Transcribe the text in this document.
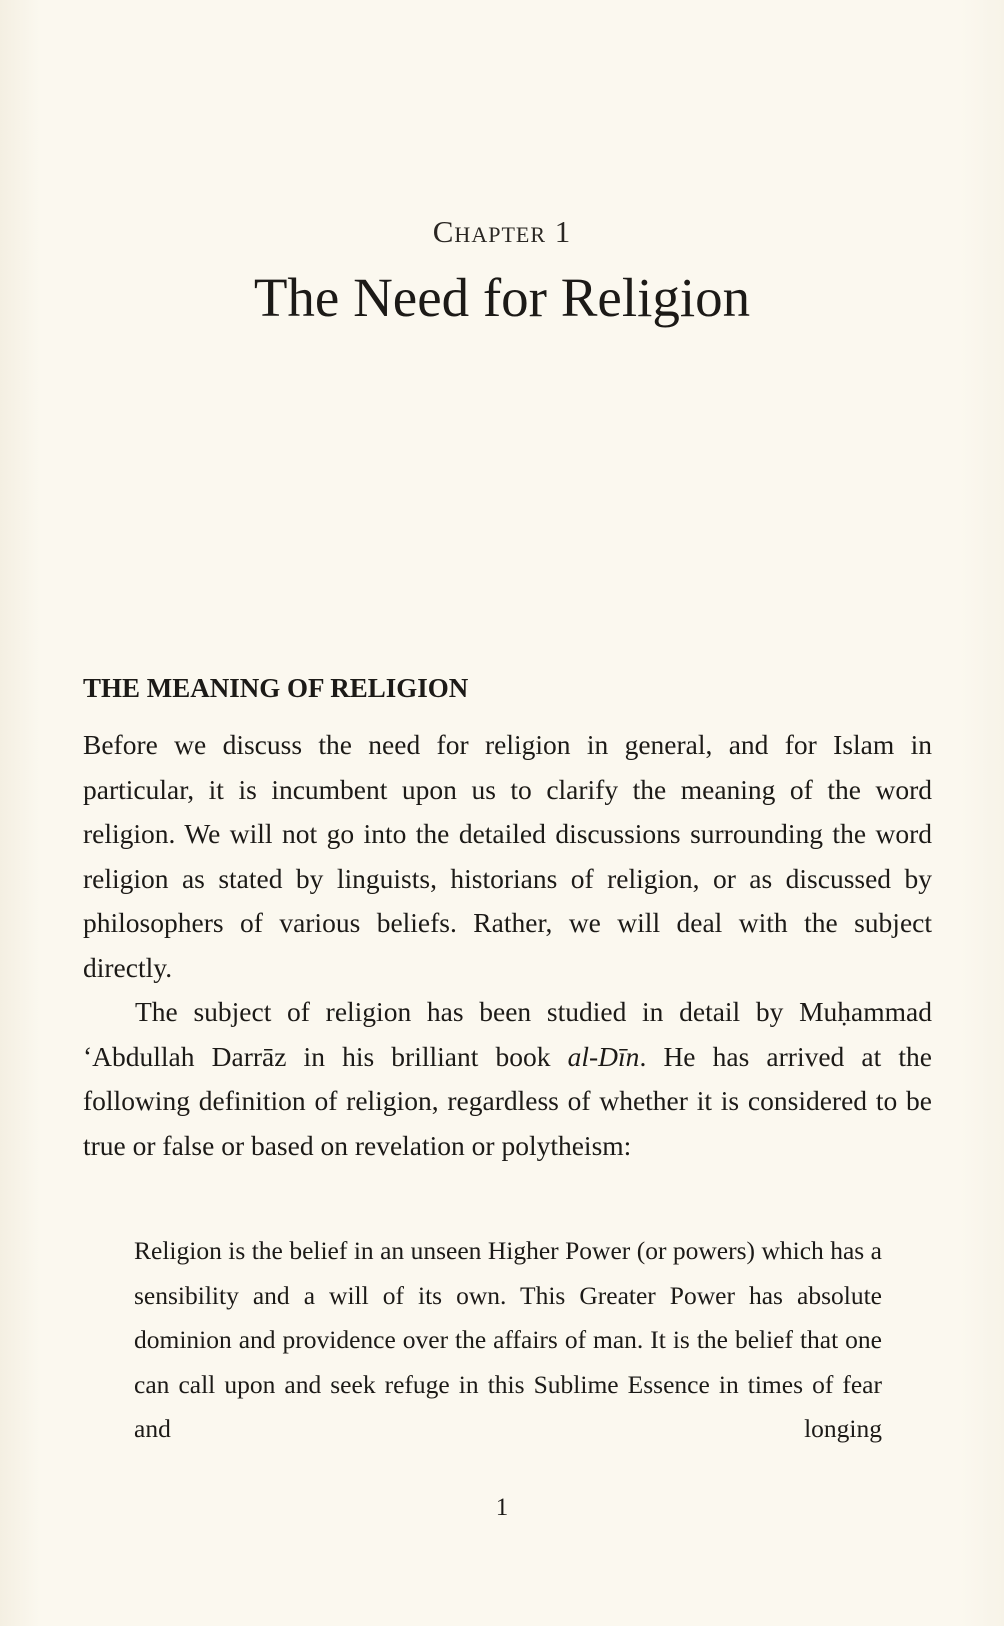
Chapter 1
The Need for Religion
THE MEANING OF RELIGION

Before we discuss the need for religion in general, and for Islam in particular, it is incumbent upon us to clarify the meaning of the word religion. We will not go into the detailed discussions surrounding the word religion as stated by linguists, historians of religion, or as discussed by philosophers of various beliefs. Rather, we will deal with the subject directly.

The subject of religion has been studied in detail by Muḥammad ‘Abdullah Darrāz in his brilliant book al-Dīn. He has arrived at the following definition of religion, regardless of whether it is considered to be true or false or based on revelation or polytheism:

Religion is the belief in an unseen Higher Power (or powers) which has a sensibility and a will of its own. This Greater Power has absolute dominion and providence over the affairs of man. It is the belief that one can call upon and seek refuge in this Sublime Essence in times of fear and longing

1
